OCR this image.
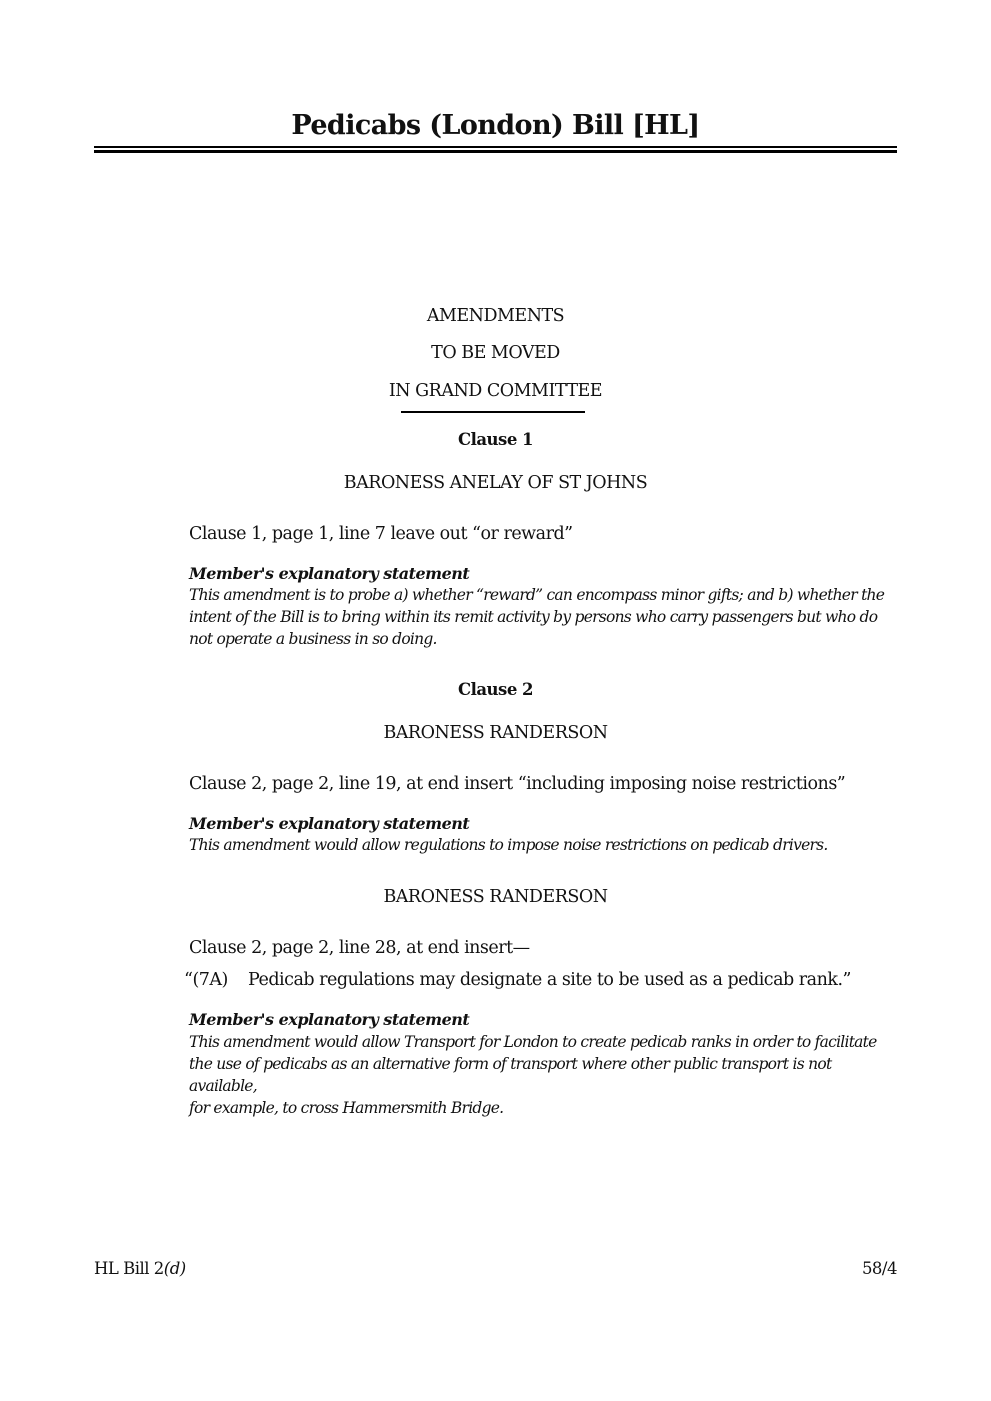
Pedicabs (London) Bill [HL]
AMENDMENTS
TO BE MOVED
IN GRAND COMMITTEE
Clause 1
BARONESS ANELAY OF ST JOHNS
Clause 1, page 1, line 7 leave out “or reward”
Member's explanatory statement
This amendment is to probe a) whether “reward” can encompass minor gifts; and b) whether the
intent of the Bill is to bring within its remit activity by persons who carry passengers but who do
not operate a business in so doing.
Clause 2
BARONESS RANDERSON
Clause 2, page 2, line 19, at end insert “including imposing noise restrictions”
Member's explanatory statement
This amendment would allow regulations to impose noise restrictions on pedicab drivers.
BARONESS RANDERSON
Clause 2, page 2, line 28, at end insert—
“(7A) Pedicab regulations may designate a site to be used as a pedicab rank.”
Member's explanatory statement
This amendment would allow Transport for London to create pedicab ranks in order to facilitate
the use of pedicabs as an alternative form of transport where other public transport is not available,
for example, to cross Hammersmith Bridge.
HL Bill 2(d)	58/4
